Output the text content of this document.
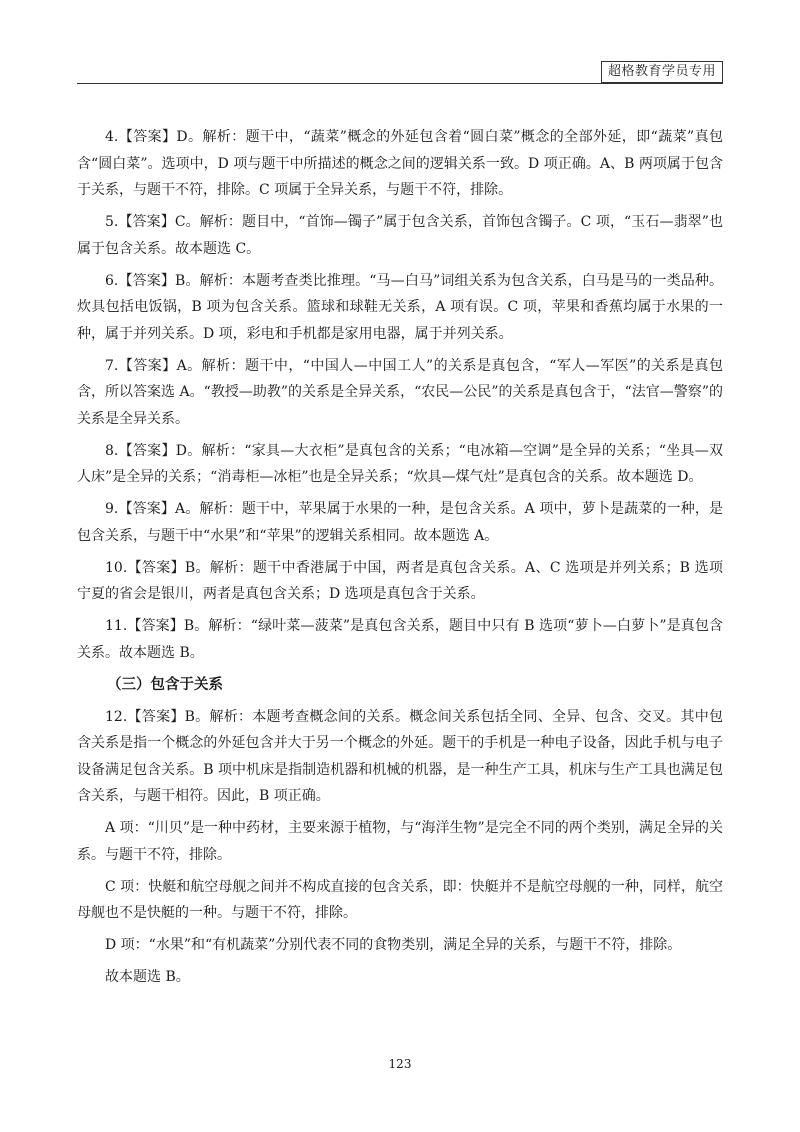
超格教育学员专用

4.【答案】D。解析：题干中，“蔬菜”概念的外延包含着“圆白菜”概念的全部外延，即“蔬菜”真包含“圆白菜”。选项中，D 项与题干中所描述的概念之间的逻辑关系一致。D 项正确。A、B 两项属于包含于关系，与题干不符，排除。C 项属于全异关系，与题干不符，排除。

5.【答案】C。解析：题目中，“首饰—镯子”属于包含关系，首饰包含镯子。C 项，“玉石—翡翠”也属于包含关系。故本题选 C。

6.【答案】B。解析：本题考查类比推理。“马—白马”词组关系为包含关系，白马是马的一类品种。炊具包括电饭锅，B 项为包含关系。篮球和球鞋无关系，A 项有误。C 项，苹果和香蕉均属于水果的一种，属于并列关系。D 项，彩电和手机都是家用电器，属于并列关系。

7.【答案】A。解析：题干中，“中国人—中国工人”的关系是真包含，“军人—军医”的关系是真包含，所以答案选 A。“教授—助教”的关系是全异关系，“农民—公民”的关系是真包含于，“法官—警察”的关系是全异关系。

8.【答案】D。解析：“家具—大衣柜”是真包含的关系；“电冰箱—空调”是全异的关系；“坐具—双人床”是全异的关系；“消毒柜—冰柜”也是全异关系；“炊具—煤气灶”是真包含的关系。故本题选 D。

9.【答案】A。解析：题干中，苹果属于水果的一种，是包含关系。A 项中，萝卜是蔬菜的一种，是包含关系，与题干中“水果”和“苹果”的逻辑关系相同。故本题选 A。

10.【答案】B。解析：题干中香港属于中国，两者是真包含关系。A、C 选项是并列关系；B 选项宁夏的省会是银川，两者是真包含关系；D 选项是真包含于关系。

11.【答案】B。解析：“绿叶菜—菠菜”是真包含关系，题目中只有 B 选项“萝卜—白萝卜”是真包含关系。故本题选 B。

（三）包含于关系

12.【答案】B。解析：本题考查概念间的关系。概念间关系包括全同、全异、包含、交叉。其中包含关系是指一个概念的外延包含并大于另一个概念的外延。题干的手机是一种电子设备，因此手机与电子设备满足包含关系。B 项中机床是指制造机器和机械的机器，是一种生产工具，机床与生产工具也满足包含关系，与题干相符。因此，B 项正确。

A 项：“川贝”是一种中药材，主要来源于植物，与“海洋生物”是完全不同的两个类别，满足全异的关系。与题干不符，排除。

C 项：快艇和航空母舰之间并不构成直接的包含关系，即：快艇并不是航空母舰的一种，同样，航空母舰也不是快艇的一种。与题干不符，排除。

D 项：“水果”和“有机蔬菜”分别代表不同的食物类别，满足全异的关系，与题干不符，排除。

故本题选 B。

123
